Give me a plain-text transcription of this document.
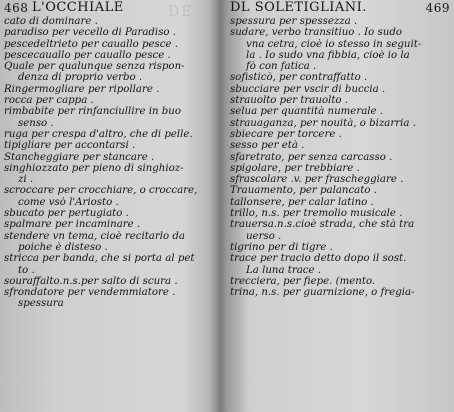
DE
468 L'OCCHIALE
cato di dominare .
paradiso per vecello di Paradiso .
pescedeltrieto per cauallo pesce .
pescecauallo per cauallo pesce .
Quale per qualunque senza rispon-
denza di proprio verbo .
Ringermogliare per ripollare .
rocca per cappa .
rimbabite per rinfanciullire in buo
senso .
ruga per crespa d'altro, che di pelle.
tipigliare per accontarsi .
Stancheggiare per stancare .
singhiozzato per pieno di singhioz-
zi .
scroccare per crocchiare, o croccare,
come vsò l'Ariosto .
sbucato per pertugiato .
spalmare per incaminare .
stendere vn tema, cioè recitarlo da
poiche è disteso .
stricca per banda, che si porta al pet
to .
souraffalto.n.s.per salto di scura .
sfrondatore per vendemmiatore .
spessura
DL SOLETIGLIANI.	469
spessura per spessezza .
sudare, verbo transitiuo . Io sudo
vna cetra, cioè io stesso in seguit-
la . Io sudo vna fibbia, cioè io la
fò con fatica .
sofisticò, per contraffatto .
sbucciare per vscir di buccia .
strauolto per trauolto .
selua per quantità numerale .
strauaganza, per nouità, o bizarria .
sbiecare per torcere .
sesso per età .
sfaretrato, per senza carcasso .
spigolare, per trebbiare .
sfrascolare .v. per frascheggiare .
Trauamento, per palancato .
tallonsere, per calar latino .
trillo, n.s. per tremolio musicale .
trauersa.n.s.cioè strada, che stà tra
uerso .
tigrino per di tigre .
trace per tracio detto dopo il sost.
La luna trace .
trecciera, per fiepe. (mento.
trina, n.s. per guarnizione, o fregia-
